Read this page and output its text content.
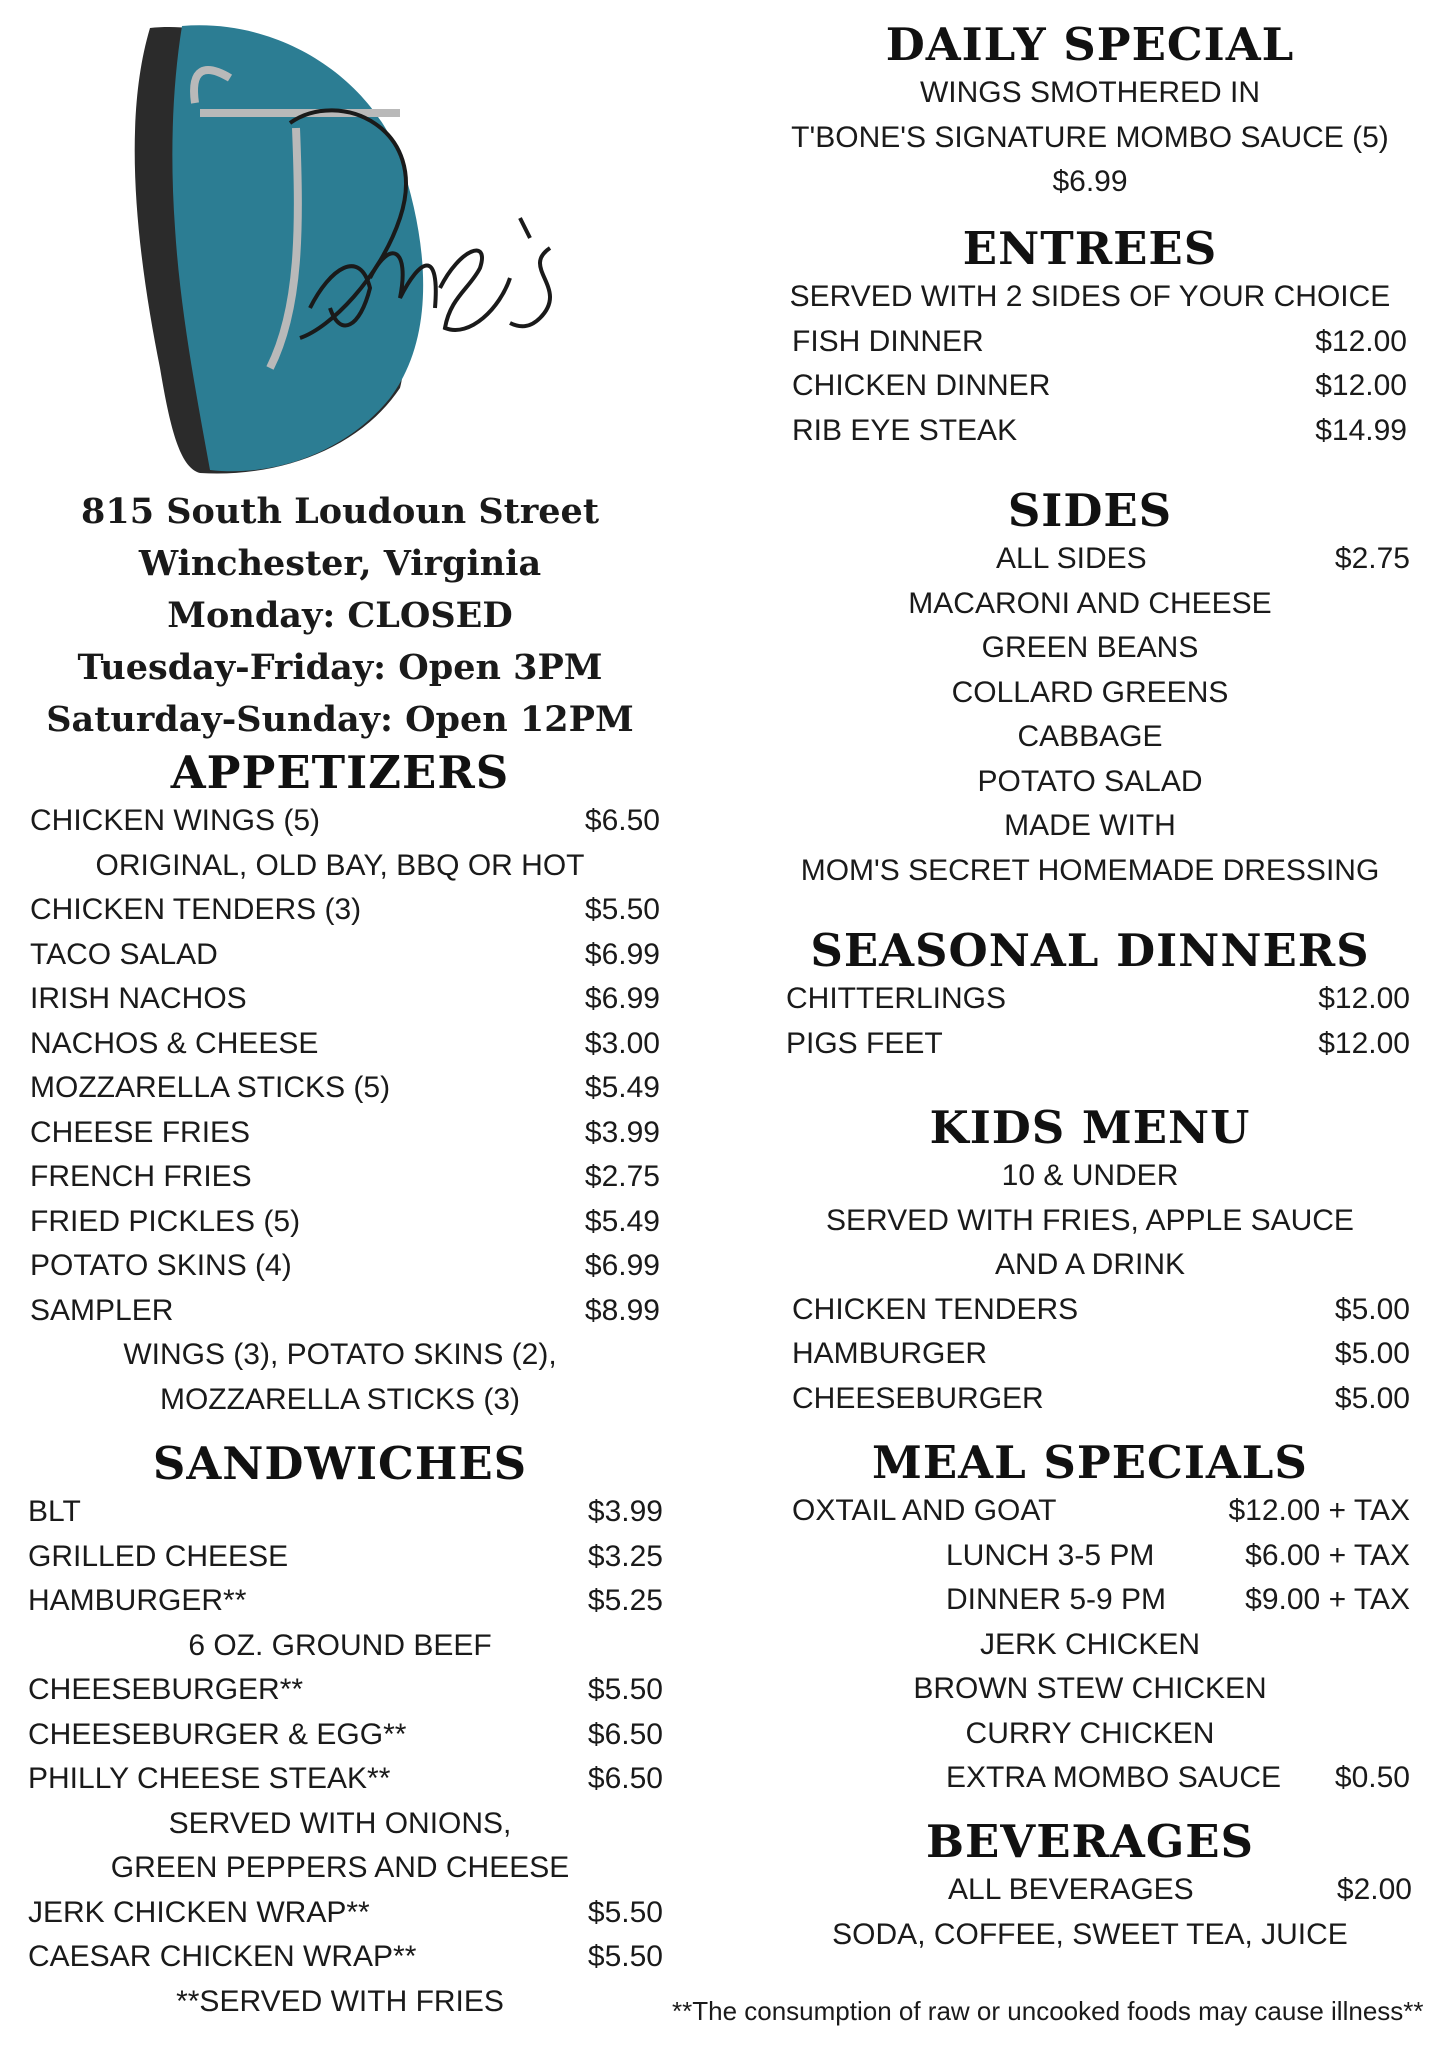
815 South Loudoun Street
Winchester, Virginia
Monday: CLOSED
Tuesday-Friday: Open 3PM
Saturday-Sunday: Open 12PM
APPETIZERS
CHICKEN WINGS (5)	$6.50
ORIGINAL, OLD BAY, BBQ OR HOT
CHICKEN TENDERS (3)	$5.50
TACO SALAD	$6.99
IRISH NACHOS	$6.99
NACHOS & CHEESE	$3.00
MOZZARELLA STICKS (5)	$5.49
CHEESE FRIES	$3.99
FRENCH FRIES	$2.75
FRIED PICKLES (5)	$5.49
POTATO SKINS (4)	$6.99
SAMPLER	$8.99
WINGS (3), POTATO SKINS (2),
MOZZARELLA STICKS (3)
SANDWICHES
BLT	$3.99
GRILLED CHEESE	$3.25
HAMBURGER**	$5.25
6 OZ. GROUND BEEF
CHEESEBURGER**	$5.50
CHEESEBURGER & EGG**	$6.50
PHILLY CHEESE STEAK**	$6.50
SERVED WITH ONIONS,
GREEN PEPPERS AND CHEESE
JERK CHICKEN WRAP**	$5.50
CAESAR CHICKEN WRAP**	$5.50
**SERVED WITH FRIES
DAILY SPECIAL
WINGS SMOTHERED IN
T'BONE'S SIGNATURE MOMBO SAUCE (5)
$6.99
ENTREES
SERVED WITH 2 SIDES OF YOUR CHOICE
FISH DINNER	$12.00
CHICKEN DINNER	$12.00
RIB EYE STEAK	$14.99
SIDES
ALL SIDES	$2.75
MACARONI AND CHEESE
GREEN BEANS
COLLARD GREENS
CABBAGE
POTATO SALAD
MADE WITH
MOM'S SECRET HOMEMADE DRESSING
SEASONAL DINNERS
CHITTERLINGS	$12.00
PIGS FEET	$12.00
KIDS MENU
10 & UNDER
SERVED WITH FRIES, APPLE SAUCE
AND A DRINK
CHICKEN TENDERS	$5.00
HAMBURGER	$5.00
CHEESEBURGER	$5.00
MEAL SPECIALS
OXTAIL AND GOAT	$12.00 + TAX
LUNCH 3-5 PM	$6.00 + TAX
DINNER 5-9 PM	$9.00 + TAX
JERK CHICKEN
BROWN STEW CHICKEN
CURRY CHICKEN
EXTRA MOMBO SAUCE $0.50
BEVERAGES
ALL BEVERAGES	$2.00
SODA, COFFEE, SWEET TEA, JUICE
**The consumption of raw or uncooked foods may cause illness**
